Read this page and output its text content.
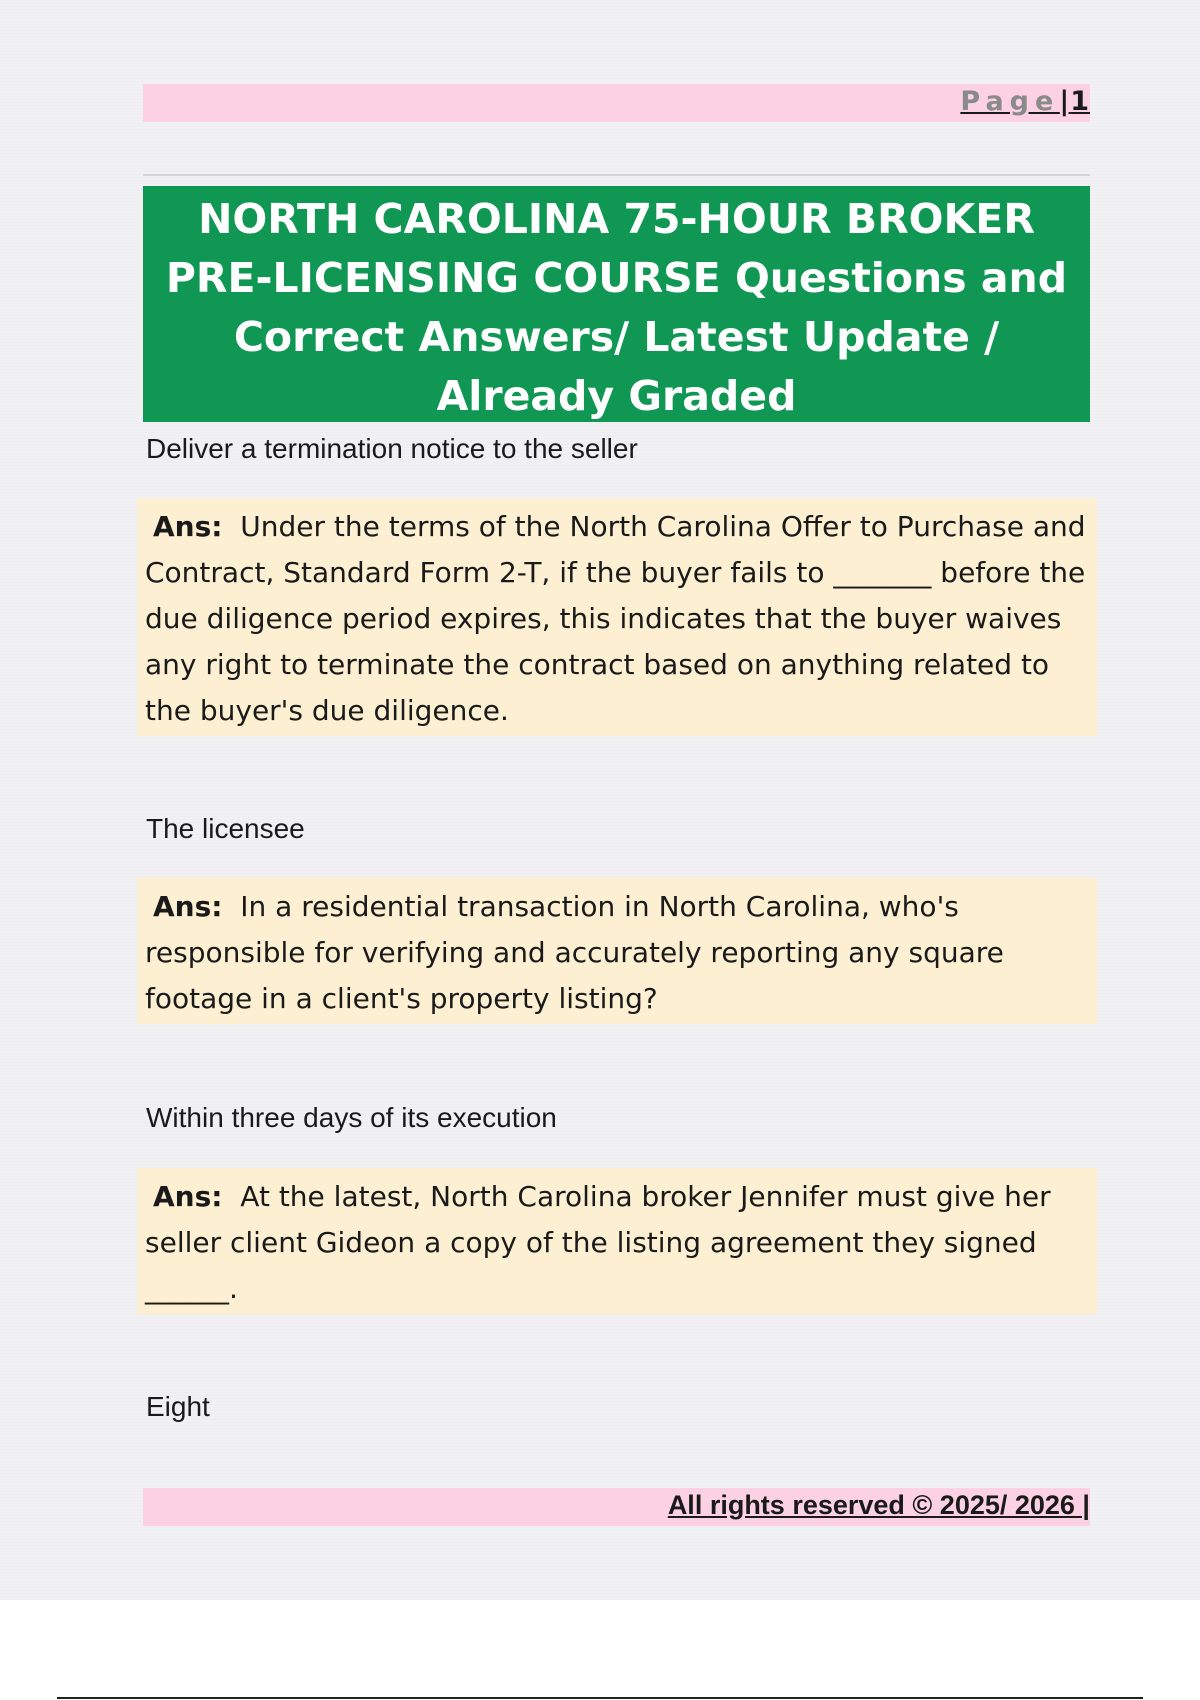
Page|1
NORTH CAROLINA 75-HOUR BROKER PRE-LICENSING COURSE Questions and Correct Answers/ Latest Update / Already Graded
Deliver a termination notice to the seller
Ans: Under the terms of the North Carolina Offer to Purchase and Contract, Standard Form 2-T, if the buyer fails to _______ before the due diligence period expires, this indicates that the buyer waives any right to terminate the contract based on anything related to the buyer's due diligence.
The licensee
Ans: In a residential transaction in North Carolina, who's responsible for verifying and accurately reporting any square footage in a client's property listing?
Within three days of its execution
Ans: At the latest, North Carolina broker Jennifer must give her seller client Gideon a copy of the listing agreement they signed ______.
Eight
All rights reserved © 2025/ 2026 |
